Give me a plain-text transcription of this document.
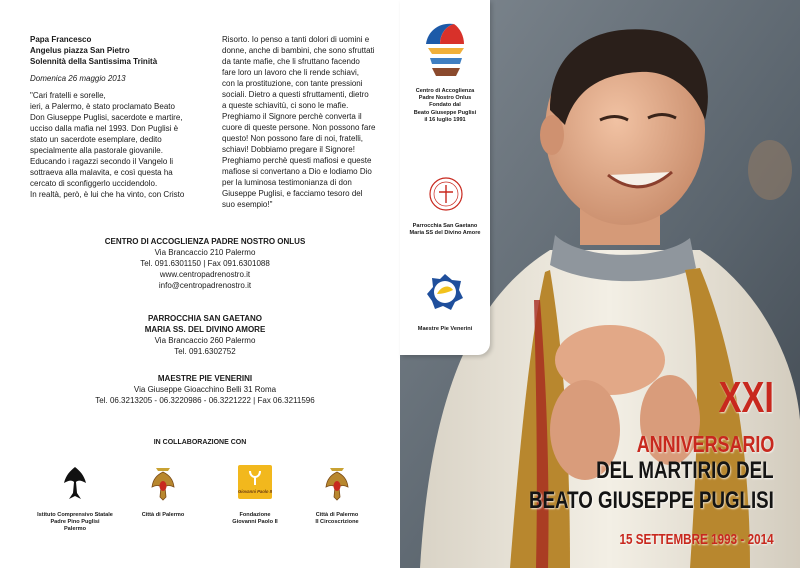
Papa Francesco
Angelus piazza San Pietro
Solennità della Santissima Trinità
Domenica 26 maggio 2013
"Cari fratelli e sorelle,
ieri, a Palermo, è stato proclamato Beato
Don Giuseppe Puglisi, sacerdote e martire,
ucciso dalla mafia nel 1993. Don Puglisi è
stato un sacerdote esemplare, dedito
specialmente alla pastorale giovanile.
Educando i ragazzi secondo il Vangelo li
sottraeva alla malavita, e così questa ha
cercato di sconfiggerlo uccidendolo.
In realtà, però, è lui che ha vinto, con Cristo
Risorto. Io penso a tanti dolori di uomini e
donne, anche di bambini, che sono sfruttati
da tante mafie, che li sfruttano facendo
fare loro un lavoro che li rende schiavi,
con la prostituzione, con tante pressioni
sociali. Dietro a questi sfruttamenti, dietro
a queste schiavitù, ci sono le mafie.
Preghiamo il Signore perchè converta il
cuore di queste persone. Non possono fare
questo! Non possono fare di noi, fratelli,
schiavi! Dobbiamo pregare il Signore!
Preghiamo perchè questi mafiosi e queste
mafiose si convertano a Dio e lodiamo Dio
per la luminosa testimonianza di don
Giuseppe Puglisi, e facciamo tesoro del
suo esempio!"
CENTRO DI ACCOGLIENZA PADRE NOSTRO ONLUS
Via Brancaccio 210 Palermo
Tel. 091.6301150 | Fax 091.6301088
www.centropadrenostro.it
info@centropadrenostro.it
PARROCCHIA SAN GAETANO
MARIA SS. DEL DIVINO AMORE
Via Brancaccio 260 Palermo
Tel. 091.6302752
MAESTRE PIE VENERINI
Via Giuseppe Gioacchino Belli 31 Roma
Tel. 06.3213205 - 06.3220986 - 06.3221222 | Fax 06.3211596
IN COLLABORAZIONE CON
Istituto Comprensivo Statale
Padre Pino Puglisi
Palermo
Città di Palermo
Giovanni Paolo II
Fondazione
Giovanni Paolo II
Città di Palermo
II Circoscrizione
XXI
ANNIVERSARIO
DEL MARTIRIO DEL
BEATO GIUSEPPE PUGLISI
15 SETTEMBRE 1993 - 2014
Centro di Accoglienza
Padre Nostro Onlus
Fondato dal
Beato Giuseppe Puglisi
il 16 luglio 1991
Parrocchia San Gaetano
Maria SS del Divino Amore
Maestre Pie Venerini
